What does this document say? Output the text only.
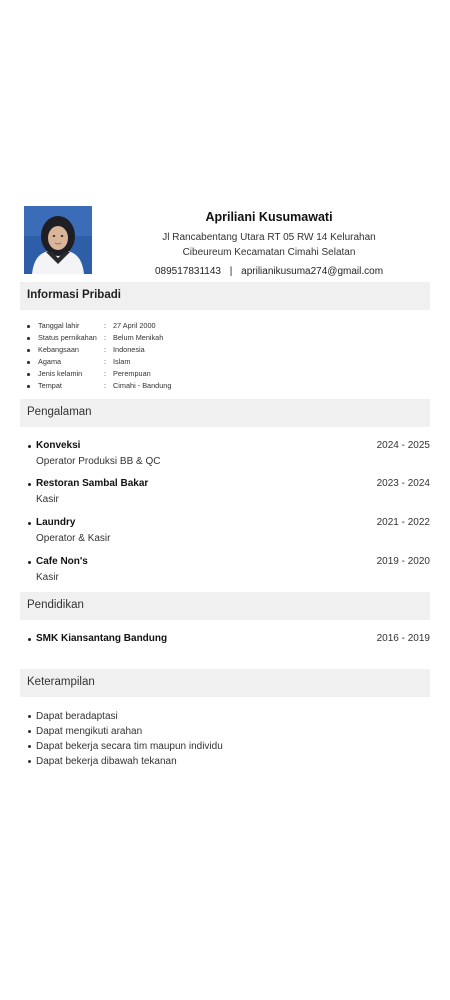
Apriliani Kusumawati
Jl Rancabentang Utara RT 05 RW 14 Kelurahan
Cibeureum Kecamatan Cimahi Selatan
089517831143 | aprilianikusuma274@gmail.com
Informasi Pribadi
Tanggal lahir	: 27 April 2000
Status pernikahan : Belum Menikah
Kebangsaan	: Indonesia
Agama	: Islam
Jenis kelamin	: Perempuan
Tempat	: Cimahi - Bandung
Pengalaman
Konveksi	2024 - 2025
Operator Produksi BB & QC
Restoran Sambal Bakar	2023 - 2024
Kasir
Laundry	2021 - 2022
Operator & Kasir
Cafe Non's	2019 - 2020
Kasir
Pendidikan
SMK Kiansantang Bandung	2016 - 2019
Keterampilan
Dapat beradaptasi
Dapat mengikuti arahan
Dapat bekerja secara tim maupun individu
Dapat bekerja dibawah tekanan
